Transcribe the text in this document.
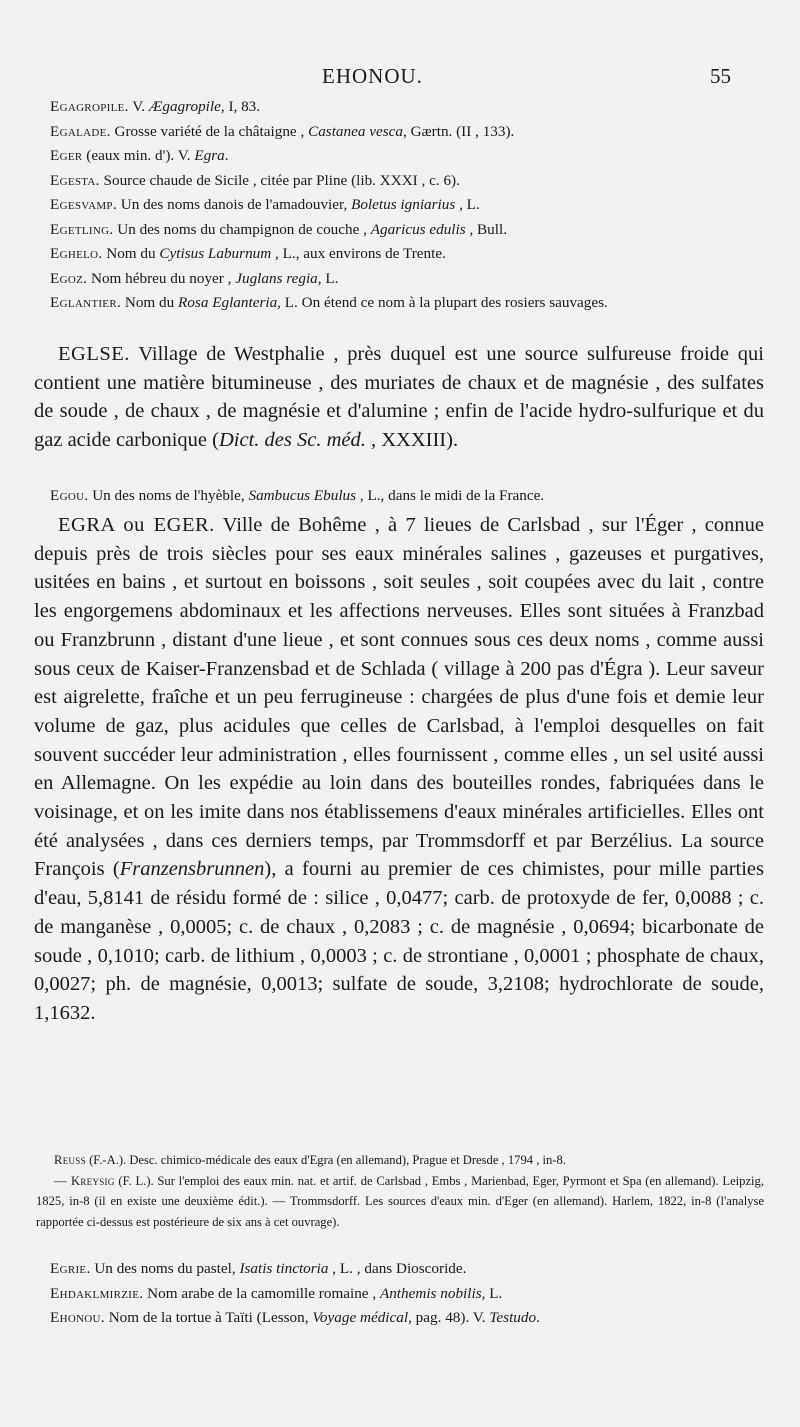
EHONOU.	55

Egagropile. V. Ægagropile, I, 83.

Egalade. Grosse variété de la châtaigne , Castanea vesca, Gærtn. (II , 133).

Eger (eaux min. d'). V. Egra.

Egesta. Source chaude de Sicile , citée par Pline (lib. XXXI , c. 6).

Egesvamp. Un des noms danois de l'amadouvier, Boletus igniarius , L.

Egetling. Un des noms du champignon de couche , Agaricus edulis , Bull.

Eghelo. Nom du Cytisus Laburnum , L., aux environs de Trente.

Egoz. Nom hébreu du noyer , Juglans regia, L.

Eglantier. Nom du Rosa Eglanteria, L. On étend ce nom à la plupart des rosiers sauvages.

EGLSE. Village de Westphalie , près duquel est une source sulfureuse froide qui contient une matière bitumineuse , des muriates de chaux et de magnésie , des sulfates de soude , de chaux , de magnésie et d'alumine ; enfin de l'acide hydro-sulfurique et du gaz acide carbonique (Dict. des Sc. méd. , XXXIII).

Egou. Un des noms de l'hyèble, Sambucus Ebulus , L., dans le midi de la France.

EGRA ou EGER. Ville de Bohême , à 7 lieues de Carlsbad , sur l'Éger , connue depuis près de trois siècles pour ses eaux minérales salines , gazeuses et purgatives, usitées en bains , et surtout en boissons , soit seules , soit coupées avec du lait , contre les engorgemens abdominaux et les affections nerveuses. Elles sont situées à Franzbad ou Franzbrunn , distant d'une lieue , et sont connues sous ces deux noms , comme aussi sous ceux de Kaiser-Franzensbad et de Schlada ( village à 200 pas d'Égra ). Leur saveur est aigrelette, fraîche et un peu ferrugineuse : chargées de plus d'une fois et demie leur volume de gaz, plus acidules que celles de Carlsbad, à l'emploi desquelles on fait souvent succéder leur administration , elles fournissent , comme elles , un sel usité aussi en Allemagne. On les expédie au loin dans des bouteilles rondes, fabriquées dans le voisinage, et on les imite dans nos établissemens d'eaux minérales artificielles. Elles ont été analysées , dans ces derniers temps, par Trommsdorff et par Berzélius. La source François (Franzensbrunnen), a fourni au premier de ces chimistes, pour mille parties d'eau, 5,8141 de résidu formé de : silice , 0,0477; carb. de protoxyde de fer, 0,0088 ; c. de manganèse , 0,0005; c. de chaux , 0,2083 ; c. de magnésie , 0,0694; bicarbonate de soude , 0,1010; carb. de lithium , 0,0003 ; c. de strontiane , 0,0001 ; phosphate de chaux, 0,0027; ph. de magnésie, 0,0013; sulfate de soude, 3,2108; hydrochlorate de soude, 1,1632.

Reuss (F.-A.). Desc. chimico-médicale des eaux d'Egra (en allemand), Prague et Dresde , 1794 , in-8.

— Kreysig (F. L.). Sur l'emploi des eaux min. nat. et artif. de Carlsbad , Embs , Marienbad, Eger, Pyrmont et Spa (en allemand). Leipzig, 1825, in-8 (il en existe une deuxième édit.). — Trommsdorff. Les sources d'eaux min. d'Eger (en allemand). Harlem, 1822, in-8 (l'analyse rapportée ci-dessus est postérieure de six ans à cet ouvrage).

Egrie. Un des noms du pastel, Isatis tinctoria , L. , dans Dioscoride.

Ehdaklmirzie. Nom arabe de la camomille romaine , Anthemis nobilis, L.

Ehonou. Nom de la tortue à Taïti (Lesson, Voyage médical, pag. 48). V. Testudo.
